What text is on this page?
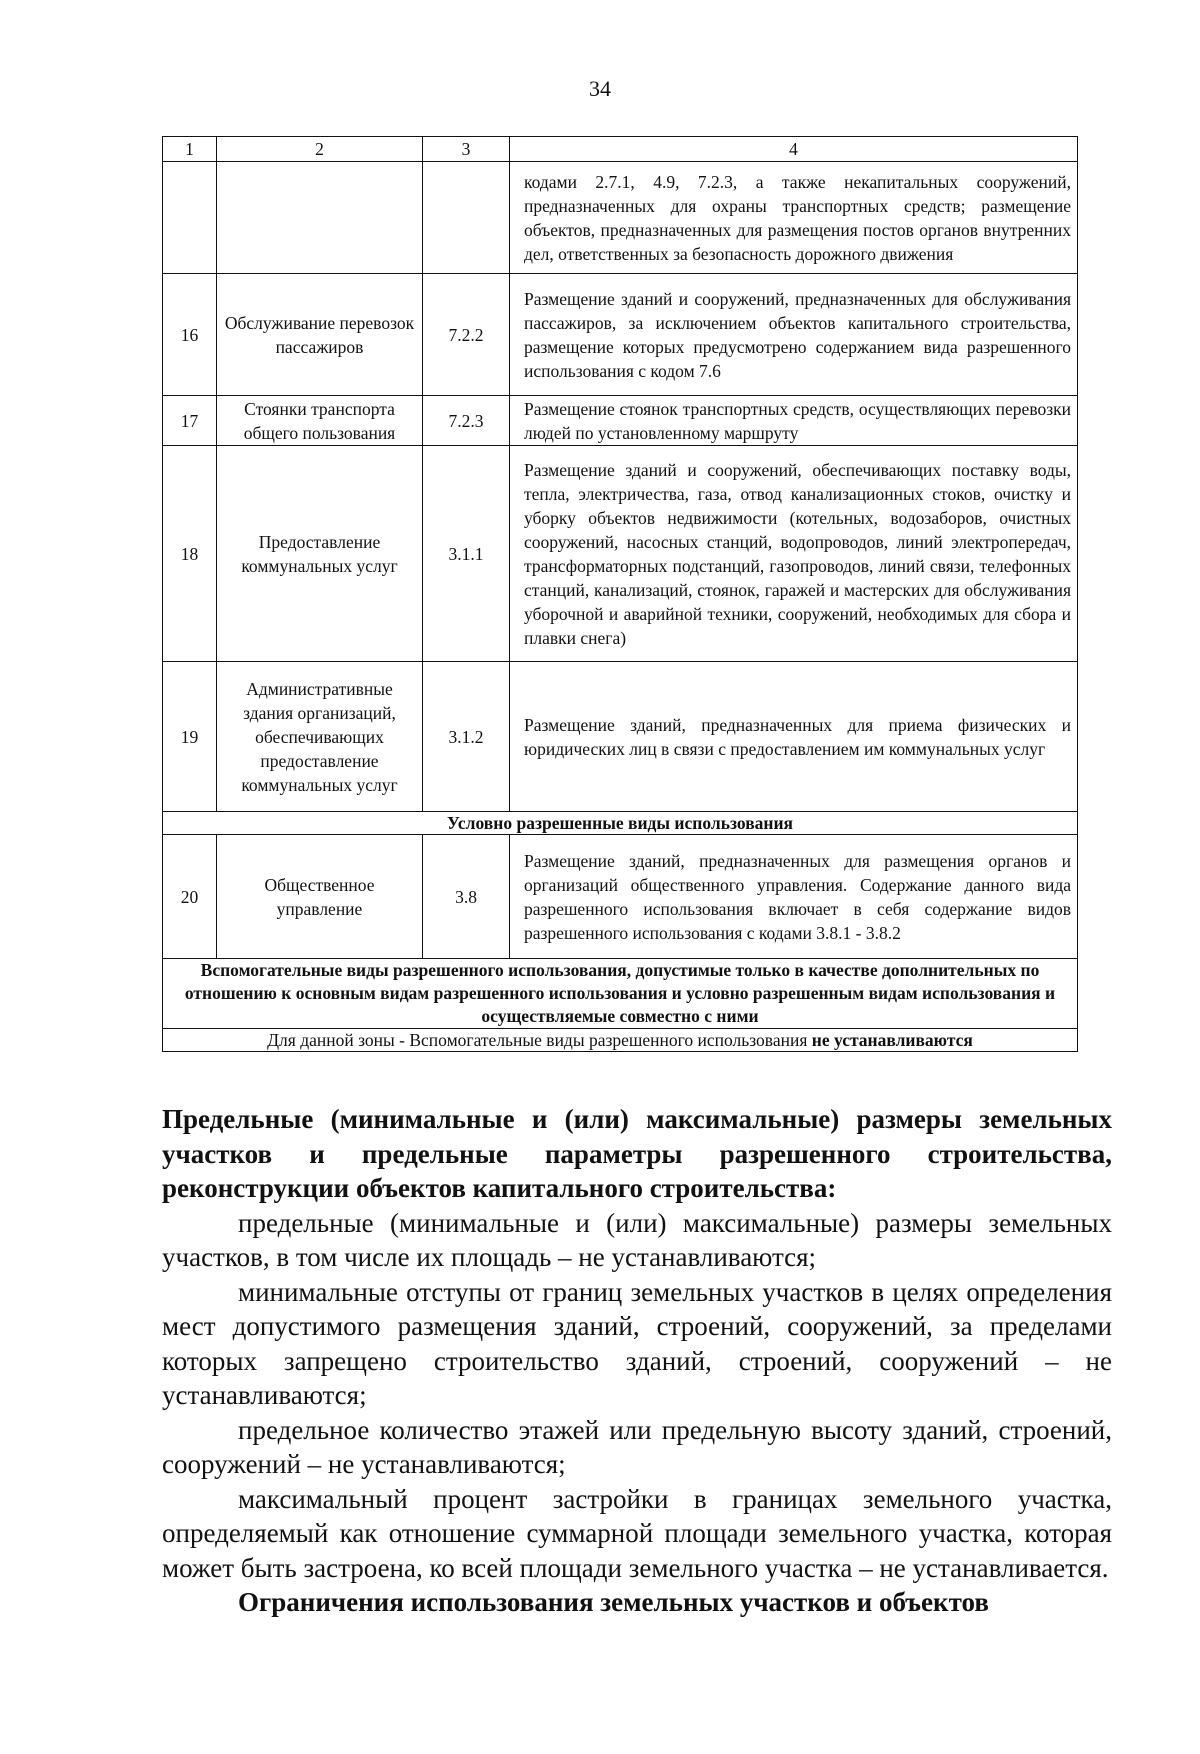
34
1	2	3	4
			кодами 2.7.1, 4.9, 7.2.3, а также некапитальных сооружений, предназначенных для охраны транспортных средств; размещение объектов, предназначенных для размещения постов органов внутренних дел, ответственных за безопасность дорожного движения
16	Обслуживание перевозок пассажиров	7.2.2	Размещение зданий и сооружений, предназначенных для обслуживания пассажиров, за исключением объектов капитального строительства, размещение которых предусмотрено содержанием вида разрешенного использования с кодом 7.6
17	Стоянки транспорта общего пользования	7.2.3	Размещение стоянок транспортных средств, осуществляющих перевозки людей по установленному маршруту
18	Предоставление коммунальных услуг	3.1.1	Размещение зданий и сооружений, обеспечивающих поставку воды, тепла, электричества, газа, отвод канализационных стоков, очистку и уборку объектов недвижимости (котельных, водозаборов, очистных сооружений, насосных станций, водопроводов, линий электропередач, трансформаторных подстанций, газопроводов, линий связи, телефонных станций, канализаций, стоянок, гаражей и мастерских для обслуживания уборочной и аварийной техники, сооружений, необходимых для сбора и плавки снега)
19	Административные здания организаций, обеспечивающих предоставление коммунальных услуг	3.1.2	Размещение зданий, предназначенных для приема физических и юридических лиц в связи с предоставлением им коммунальных услуг
Условно разрешенные виды использования			
20	Общественное управление	3.8	Размещение зданий, предназначенных для размещения органов и организаций общественного управления. Содержание данного вида разрешенного использования включает в себя содержание видов разрешенного использования с кодами 3.8.1 - 3.8.2
Вспомогательные виды разрешенного использования, допустимые только в качестве дополнительных по отношению к основным видам разрешенного использования и условно разрешенным видам использования и осуществляемые совместно с ними			
Для данной зоны - Вспомогательные виды разрешенного использования не устанавливаются			

Предельные (минимальные и (или) максимальные) размеры земельных участков и предельные параметры разрешенного строительства, реконструкции объектов капитального строительства:

предельные (минимальные и (или) максимальные) размеры земельных участков, в том числе их площадь – не устанавливаются;

минимальные отступы от границ земельных участков в целях определения мест допустимого размещения зданий, строений, сооружений, за пределами которых запрещено строительство зданий, строений, сооружений – не устанавливаются;

предельное количество этажей или предельную высоту зданий, строений, сооружений – не устанавливаются;

максимальный процент застройки в границах земельного участка, определяемый как отношение суммарной площади земельного участка, которая может быть застроена, ко всей площади земельного участка – не устанавливается.

Ограничения использования земельных участков и объектов
